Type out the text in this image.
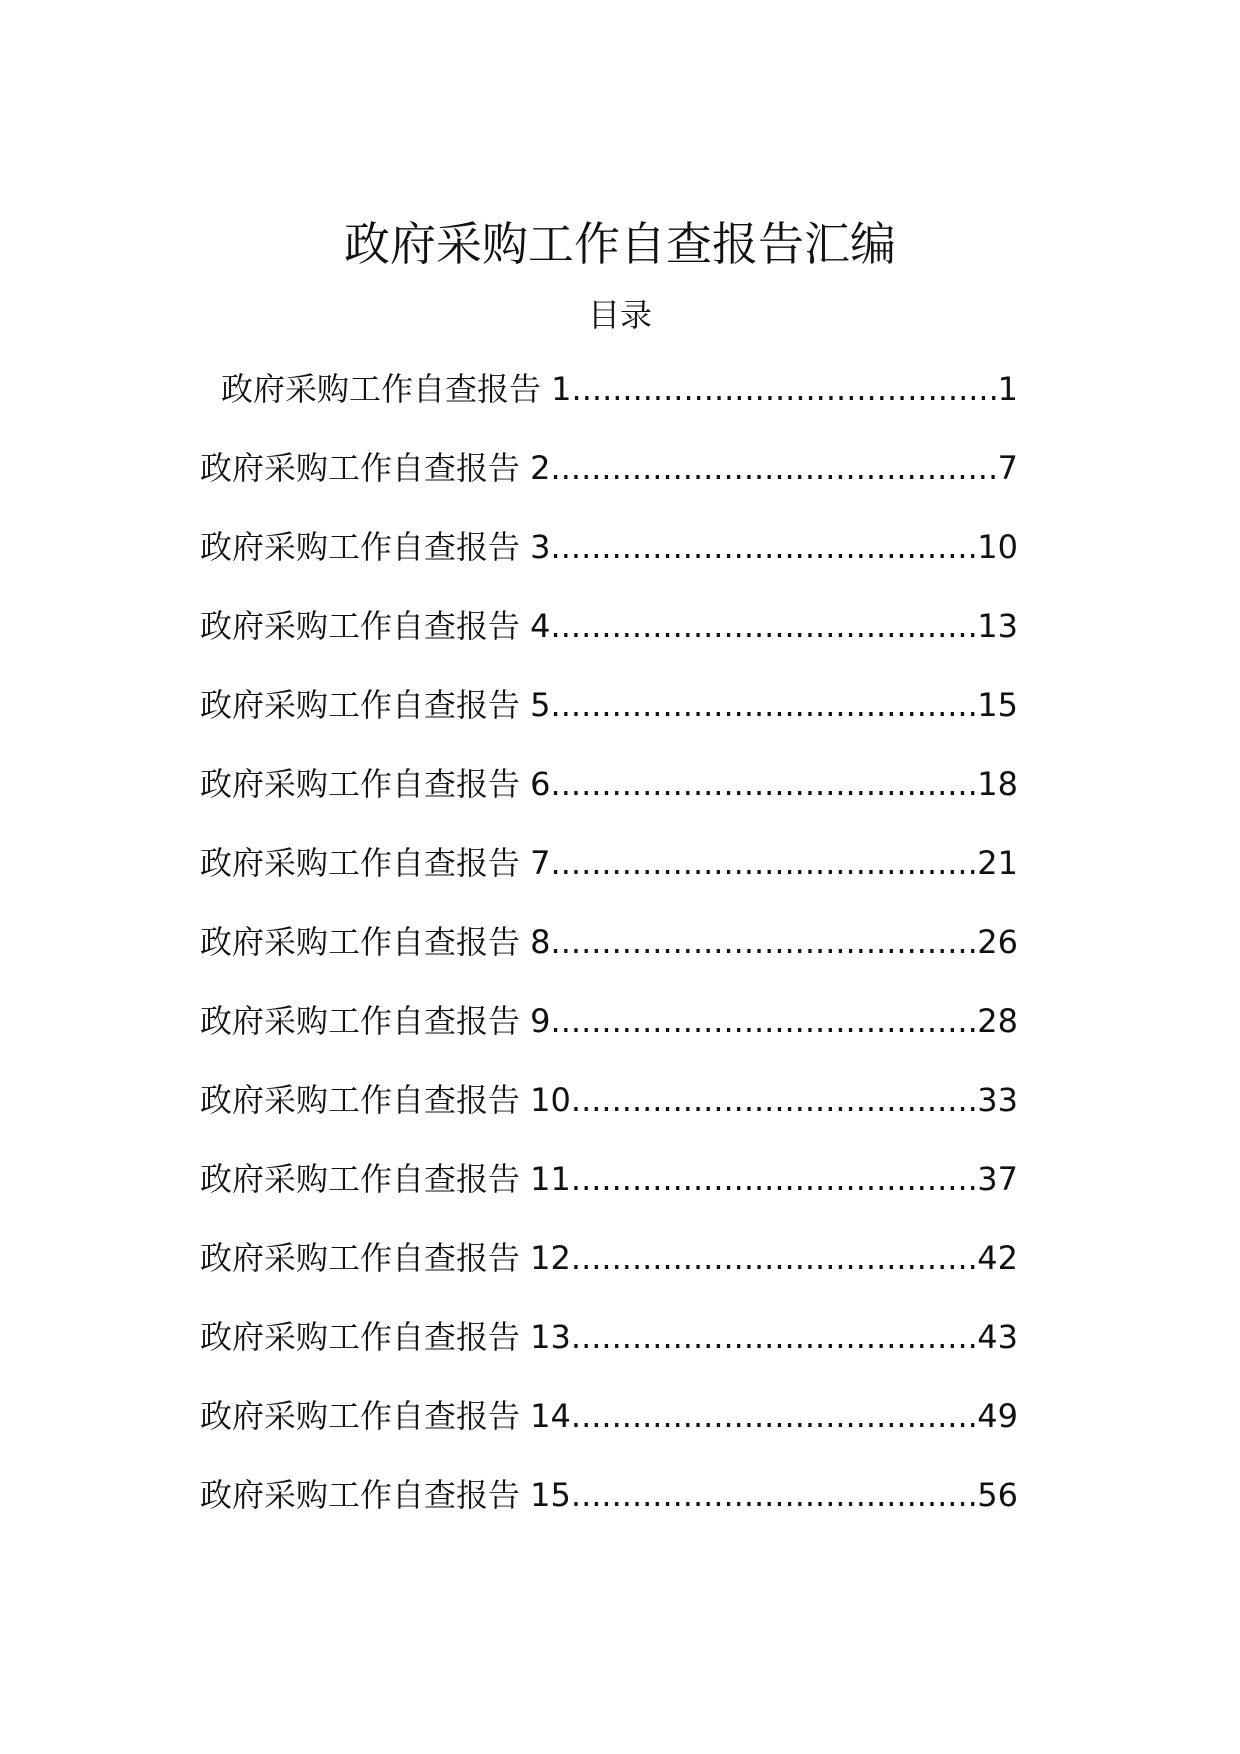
政府采购工作自查报告汇编
目录
政府采购工作自查报告 1 .....	1
政府采购工作自查报告 2 .....	7
政府采购工作自查报告 3 .....	10
政府采购工作自查报告 4 .....	13
政府采购工作自查报告 5 .....	15
政府采购工作自查报告 6 .....	18
政府采购工作自查报告 7 .....	21
政府采购工作自查报告 8 .....	26
政府采购工作自查报告 9 .....	28
政府采购工作自查报告 10 .....	33
政府采购工作自查报告 11 .....	37
政府采购工作自查报告 12 .....	42
政府采购工作自查报告 13 .....	43
政府采购工作自查报告 14 .....	49
政府采购工作自查报告 15 .....	56
